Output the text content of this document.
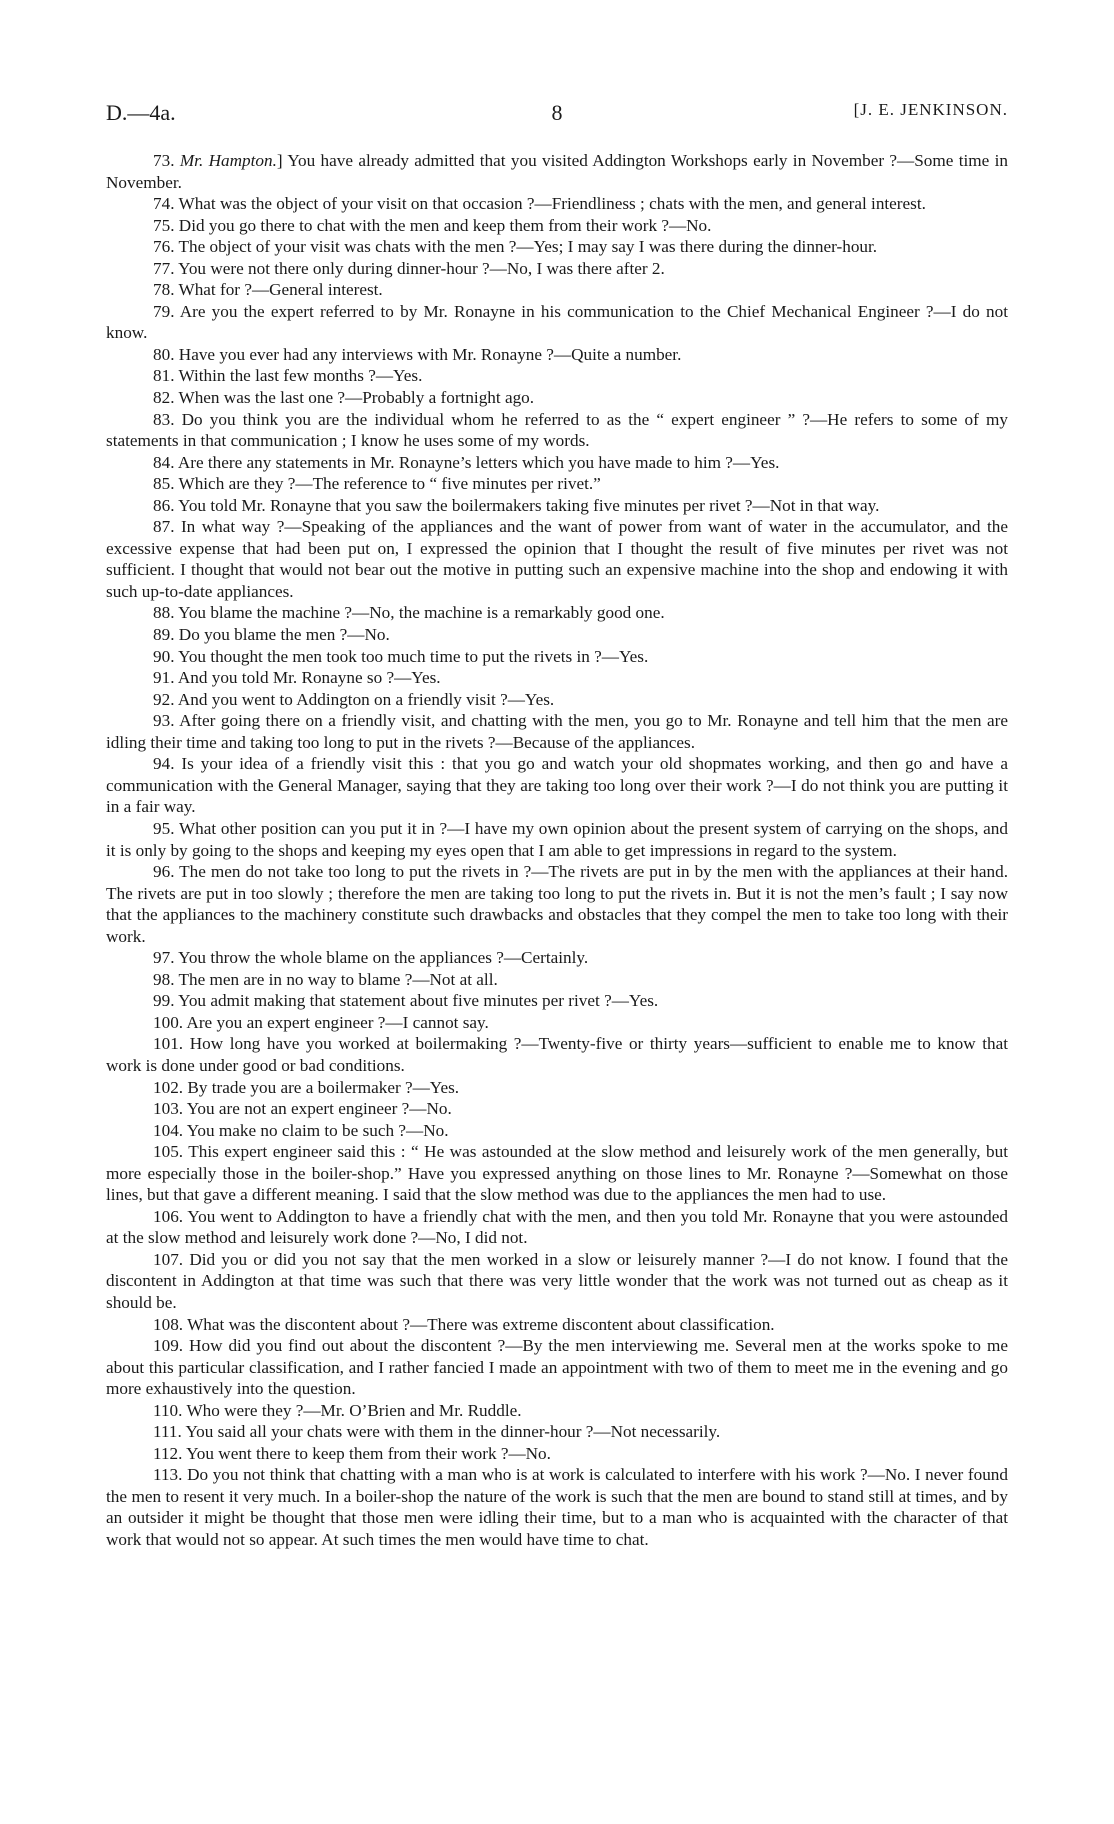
D.—4a.	8	[J. E. JENKINSON.

73. Mr. Hampton.] You have already admitted that you visited Addington Workshops early in November ?—Some time in November.

74. What was the object of your visit on that occasion ?—Friendliness ; chats with the men, and general interest.

75. Did you go there to chat with the men and keep them from their work ?—No.

76. The object of your visit was chats with the men ?—Yes; I may say I was there during the dinner-hour.

77. You were not there only during dinner-hour ?—No, I was there after 2.

78. What for ?—General interest.

79. Are you the expert referred to by Mr. Ronayne in his communication to the Chief Mechanical Engineer ?—I do not know.

80. Have you ever had any interviews with Mr. Ronayne ?—Quite a number.

81. Within the last few months ?—Yes.

82. When was the last one ?—Probably a fortnight ago.

83. Do you think you are the individual whom he referred to as the “ expert engineer ” ?—He refers to some of my statements in that communication ; I know he uses some of my words.

84. Are there any statements in Mr. Ronayne’s letters which you have made to him ?—Yes.

85. Which are they ?—The reference to “ five minutes per rivet.”

86. You told Mr. Ronayne that you saw the boilermakers taking five minutes per rivet ?—Not in that way.

87. In what way ?—Speaking of the appliances and the want of power from want of water in the accumulator, and the excessive expense that had been put on, I expressed the opinion that I thought the result of five minutes per rivet was not sufficient. I thought that would not bear out the motive in putting such an expensive machine into the shop and endowing it with such up-to-date appliances.

88. You blame the machine ?—No, the machine is a remarkably good one.

89. Do you blame the men ?—No.

90. You thought the men took too much time to put the rivets in ?—Yes.

91. And you told Mr. Ronayne so ?—Yes.

92. And you went to Addington on a friendly visit ?—Yes.

93. After going there on a friendly visit, and chatting with the men, you go to Mr. Ronayne and tell him that the men are idling their time and taking too long to put in the rivets ?—Because of the appliances.

94. Is your idea of a friendly visit this : that you go and watch your old shopmates working, and then go and have a communication with the General Manager, saying that they are taking too long over their work ?—I do not think you are putting it in a fair way.

95. What other position can you put it in ?—I have my own opinion about the present system of carrying on the shops, and it is only by going to the shops and keeping my eyes open that I am able to get impressions in regard to the system.

96. The men do not take too long to put the rivets in ?—The rivets are put in by the men with the appliances at their hand. The rivets are put in too slowly ; therefore the men are taking too long to put the rivets in. But it is not the men’s fault ; I say now that the appliances to the machinery constitute such drawbacks and obstacles that they compel the men to take too long with their work.

97. You throw the whole blame on the appliances ?—Certainly.

98. The men are in no way to blame ?—Not at all.

99. You admit making that statement about five minutes per rivet ?—Yes.

100. Are you an expert engineer ?—I cannot say.

101. How long have you worked at boilermaking ?—Twenty-five or thirty years—sufficient to enable me to know that work is done under good or bad conditions.

102. By trade you are a boilermaker ?—Yes.

103. You are not an expert engineer ?—No.

104. You make no claim to be such ?—No.

105. This expert engineer said this : “ He was astounded at the slow method and leisurely work of the men generally, but more especially those in the boiler-shop.” Have you expressed anything on those lines to Mr. Ronayne ?—Somewhat on those lines, but that gave a different meaning. I said that the slow method was due to the appliances the men had to use.

106. You went to Addington to have a friendly chat with the men, and then you told Mr. Ronayne that you were astounded at the slow method and leisurely work done ?—No, I did not.

107. Did you or did you not say that the men worked in a slow or leisurely manner ?—I do not know. I found that the discontent in Addington at that time was such that there was very little wonder that the work was not turned out as cheap as it should be.

108. What was the discontent about ?—There was extreme discontent about classification.

109. How did you find out about the discontent ?—By the men interviewing me. Several men at the works spoke to me about this particular classification, and I rather fancied I made an appointment with two of them to meet me in the evening and go more exhaustively into the question.

110. Who were they ?—Mr. O’Brien and Mr. Ruddle.

111. You said all your chats were with them in the dinner-hour ?—Not necessarily.

112. You went there to keep them from their work ?—No.

113. Do you not think that chatting with a man who is at work is calculated to interfere with his work ?—No. I never found the men to resent it very much. In a boiler-shop the nature of the work is such that the men are bound to stand still at times, and by an outsider it might be thought that those men were idling their time, but to a man who is acquainted with the character of that work that would not so appear. At such times the men would have time to chat.
